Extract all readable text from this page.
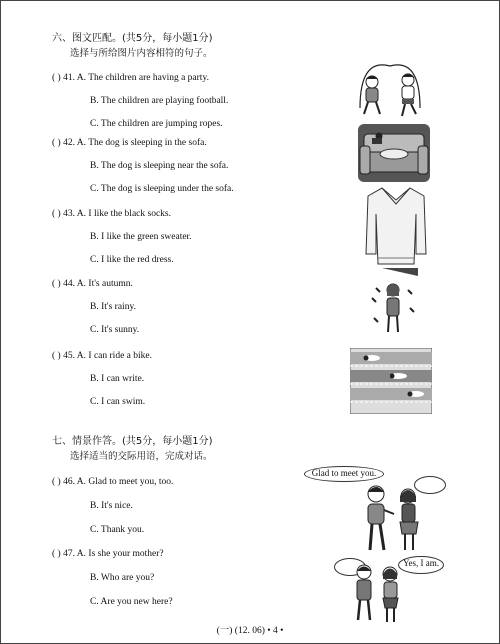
六、图文匹配。(共5分，每小题1分)
选择与所给图片内容相符的句子。
( ) 41. A. The children are having a party.
B. The children are playing football.
C. The children are jumping ropes.
( ) 42. A. The dog is sleeping in the sofa.
B. The dog is sleeping near the sofa.
C. The dog is sleeping under the sofa.
( ) 43. A. I like the black socks.
B. I like the green sweater.
C. I like the red dress.
( ) 44. A. It's autumn.
B. It's rainy.
C. It's sunny.
( ) 45. A. I can ride a bike.
B. I can write.
C. I can swim.
七、情景作答。(共5分，每小题1分)
选择适当的交际用语，完成对话。
( ) 46. A. Glad to meet you, too.
B. It's nice.
C. Thank you.
( ) 47. A. Is she your mother?
B. Who are you?
C. Are you new here?
Glad to meet you.
Yes, I am.
(一) (12. 06) • 4 •
